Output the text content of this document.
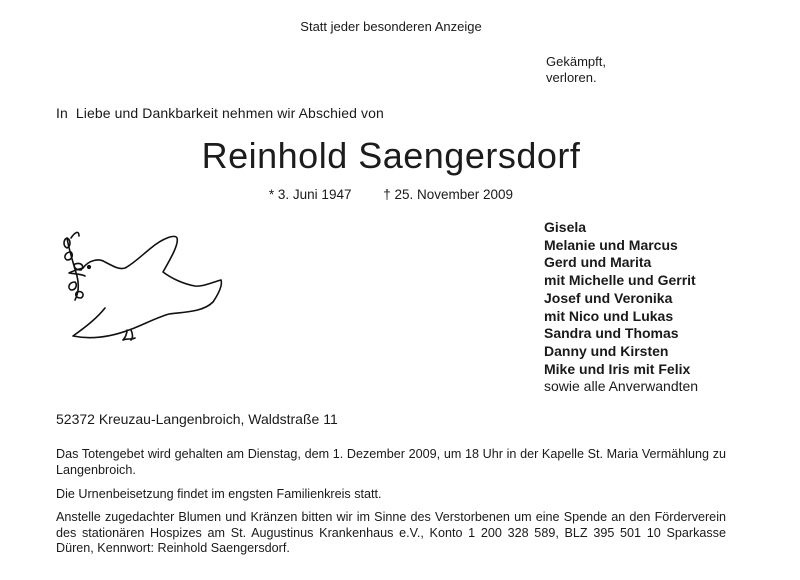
Statt jeder besonderen Anzeige
Gekämpft,
verloren.
In  Liebe und Dankbarkeit nehmen wir Abschied von
Reinhold Saengersdorf
* 3. Juni 1947 † 25. November 2009
Gisela
Melanie und Marcus
Gerd und Marita
mit Michelle und Gerrit
Josef und Veronika
mit Nico und Lukas
Sandra und Thomas
Danny und Kirsten
Mike und Iris mit Felix
sowie alle Anverwandten
52372 Kreuzau-Langenbroich, Waldstraße 11
Das Totengebet wird gehalten am Dienstag, dem 1. Dezember 2009, um 18 Uhr in der Kapelle St. Maria Vermählung zu Langenbroich.
Die Urnenbeisetzung findet im engsten Familienkreis statt.
Anstelle zugedachter Blumen und Kränzen bitten wir im Sinne des Verstorbenen um eine Spende an den Förderverein des stationären Hospizes am St. Augustinus Krankenhaus e.V., Konto 1 200 328 589, BLZ 395 501 10 Sparkasse Düren, Kennwort: Reinhold Saengersdorf.
